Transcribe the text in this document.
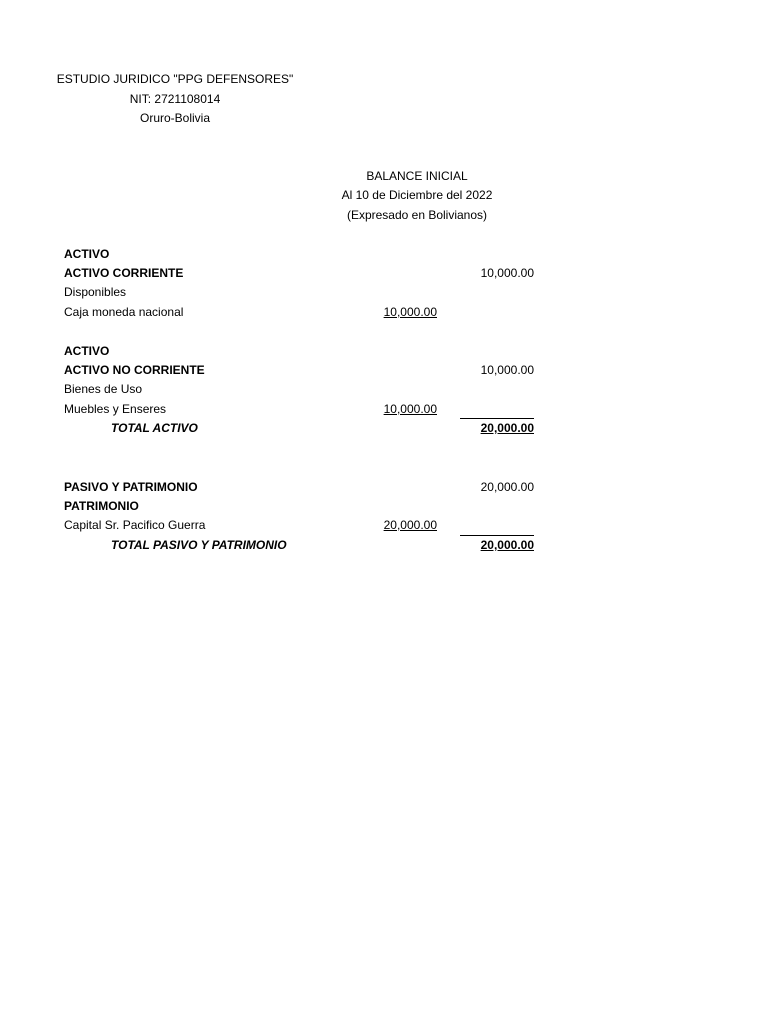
ESTUDIO JURIDICO "PPG DEFENSORES"
NIT: 2721108014
Oruro-Bolivia
BALANCE INICIAL
Al 10 de Diciembre del 2022
(Expresado en Bolivianos)
ACTIVO
ACTIVO CORRIENTE	10,000.00
Disponibles
Caja moneda nacional	10,000.00
ACTIVO
ACTIVO NO CORRIENTE	10,000.00
Bienes de Uso
Muebles y Enseres	10,000.00
TOTAL ACTIVO	20,000.00
PASIVO Y PATRIMONIO	20,000.00
PATRIMONIO
Capital Sr. Pacifico Guerra	20,000.00
TOTAL PASIVO Y PATRIMONIO	20,000.00
